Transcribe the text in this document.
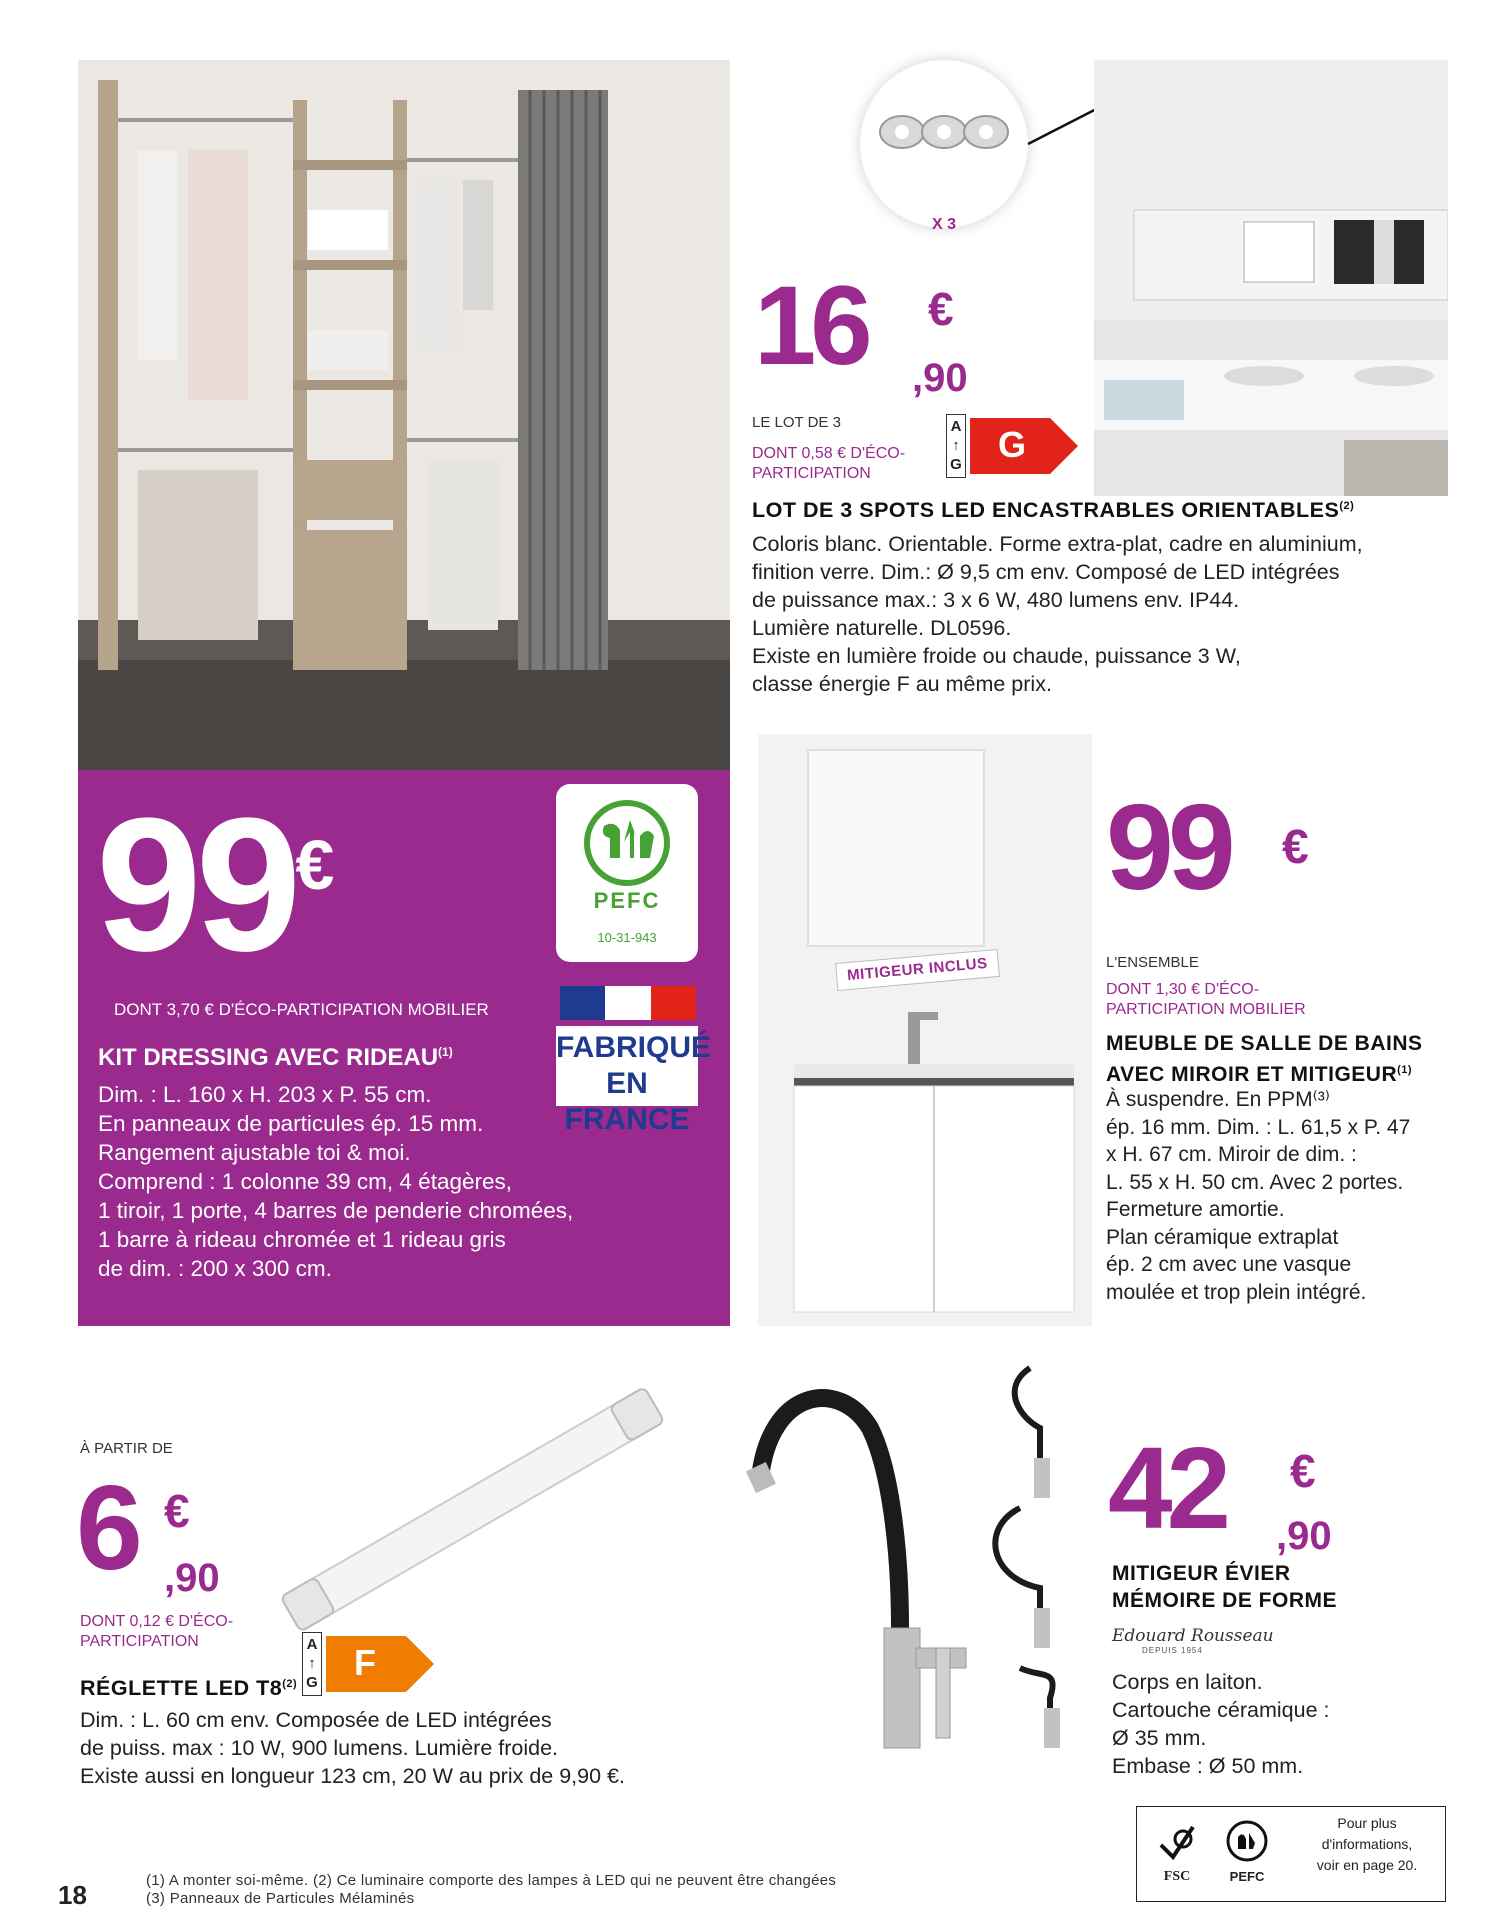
99€	PEFC
10-31-943
FABRIQUÉ
EN FRANCE
DONT 3,70 € D'ÉCO-PARTICIPATION MOBILIER
KIT DRESSING AVEC RIDEAU$^{(1)}$
Dim. : L. 160 x H. 203 x P. 55 cm.
En panneaux de particules ép. 15 mm.
Rangement ajustable toi & moi.
Comprend : 1 colonne 39 cm, 4 étagères,
1 tiroir, 1 porte, 4 barres de penderie chromées,
1 barre à rideau chromée et 1 rideau gris
de dim. : 200 x 300 cm.
X 3
16 €
,90
LE LOT DE 3
DONT 0,58 € D'ÉCO-
PARTICIPATION
A
↑
G G
LOT DE 3 SPOTS LED ENCASTRABLES ORIENTABLES$^{(2)}$
Coloris blanc. Orientable. Forme extra-plat, cadre en aluminium,
finition verre. Dim.: Ø 9,5 cm env. Composé de LED intégrées
de puissance max.: 3 x 6 W, 480 lumens env. IP44.
Lumière naturelle. DL0596.
Existe en lumière froide ou chaude, puissance 3 W,
classe énergie F au même prix.
MITIGEUR INCLUS
99 €
L'ENSEMBLE
DONT 1,30 € D'ÉCO-
PARTICIPATION MOBILIER
MEUBLE DE SALLE DE BAINS
AVEC MIROIR ET MITIGEUR$^{(1)}$
À suspendre. En PPM⁽³⁾
ép. 16 mm. Dim. : L. 61,5 x P. 47
x H. 67 cm. Miroir de dim. :
L. 55 x H. 50 cm. Avec 2 portes.
Fermeture amortie.
Plan céramique extraplat
ép. 2 cm avec une vasque
moulée et trop plein intégré.
À PARTIR DE
6 €
,90
DONT 0,12 € D'ÉCO-
PARTICIPATION	A
↑
G F
RÉGLETTE LED T8$^{(2)}$
Dim. : L. 60 cm env. Composée de LED intégrées
de puiss. max : 10 W, 900 lumens. Lumière froide.
Existe aussi en longueur 123 cm, 20 W au prix de 9,90 €.
42 €
,90
MITIGEUR ÉVIER
MÉMOIRE DE FORME
Edouard Rousseau
DEPUIS 1954
Corps en laiton.
Cartouche céramique :
Ø 35 mm.
Embase : Ø 50 mm.
FSC	PEFC
Pour plus
d'informations,
voir en page 20.
18	(1) A monter soi-même. (2) Ce luminaire comporte des lampes à LED qui ne peuvent être changées
(3) Panneaux de Particules Mélaminés
